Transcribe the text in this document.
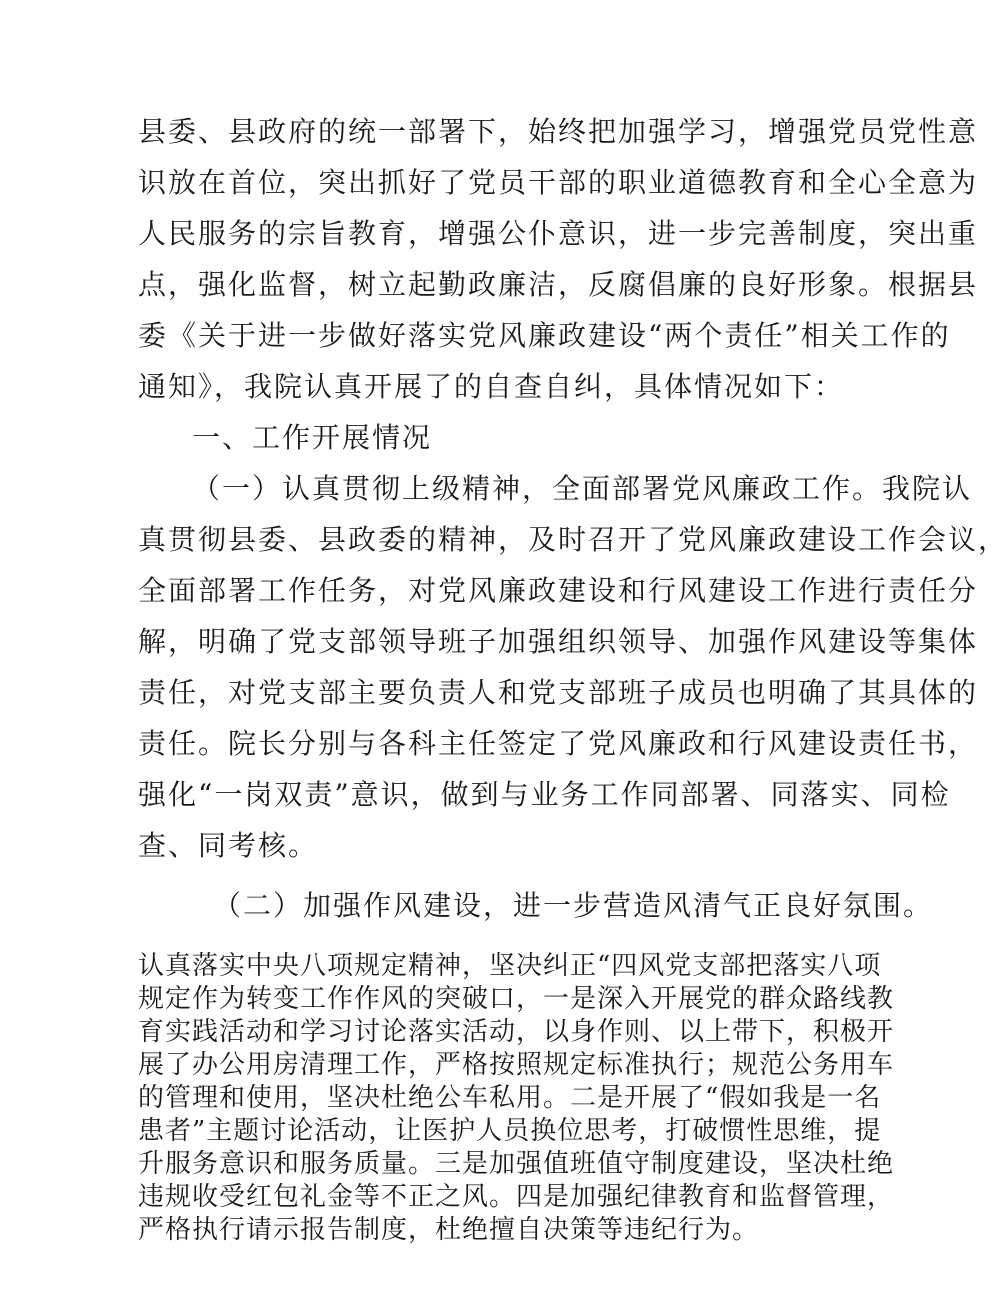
县委、县政府的统一部署下，始终把加强学习，增强党员党性意
识放在首位，突出抓好了党员干部的职业道德教育和全心全意为
人民服务的宗旨教育，增强公仆意识，进一步完善制度，突出重
点，强化监督，树立起勤政廉洁，反腐倡廉的良好形象。根据县
委《关于进一步做好落实党风廉政建设“两个责任”相关工作的
通知》，我院认真开展了的自查自纠，具体情况如下：
一、工作开展情况
（一）认真贯彻上级精神，全面部署党风廉政工作。我院认
真贯彻县委、县政委的精神，及时召开了党风廉政建设工作会议，
全面部署工作任务，对党风廉政建设和行风建设工作进行责任分
解，明确了党支部领导班子加强组织领导、加强作风建设等集体
责任，对党支部主要负责人和党支部班子成员也明确了其具体的
责任。院长分别与各科主任签定了党风廉政和行风建设责任书，
强化“一岗双责”意识，做到与业务工作同部署、同落实、同检
查、同考核。
（二）加强作风建设，进一步营造风清气正良好氛围。
认真落实中央八项规定精神，坚决纠正“四风党支部把落实八项
规定作为转变工作作风的突破口，一是深入开展党的群众路线教
育实践活动和学习讨论落实活动，以身作则、以上带下，积极开
展了办公用房清理工作，严格按照规定标准执行；规范公务用车
的管理和使用，坚决杜绝公车私用。二是开展了“假如我是一名
患者”主题讨论活动，让医护人员换位思考，打破惯性思维，提
升服务意识和服务质量。三是加强值班值守制度建设，坚决杜绝
违规收受红包礼金等不正之风。四是加强纪律教育和监督管理，
严格执行请示报告制度，杜绝擅自决策等违纪行为。
